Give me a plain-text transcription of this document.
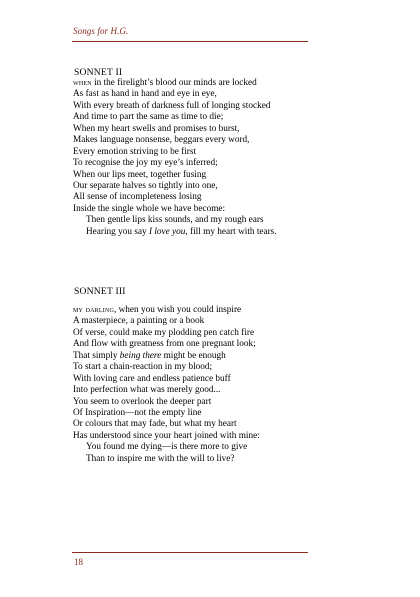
Songs for H.G.
SONNET II
when in the firelight’s blood our minds are locked
As fast as hand in hand and eye in eye,
With every breath of darkness full of longing stocked
And time to part the same as time to die;
When my heart swells and promises to burst,
Makes language nonsense, beggars every word,
Every emotion striving to be first
To recognise the joy my eye’s inferred;
When our lips meet, together fusing
Our separate halves so tightly into one,
All sense of incompleteness losing
Inside the single whole we have become:
Then gentle lips kiss sounds, and my rough ears
Hearing you say I love you, fill my heart with tears.
SONNET III
my darling, when you wish you could inspire
A masterpiece, a painting or a book
Of verse, could make my plodding pen catch fire
And flow with greatness from one pregnant look;
That simply being there might be enough
To start a chain-reaction in my blood;
With loving care and endless patience buff
Into perfection what was merely good...
You seem to overlook the deeper part
Of Inspiration—not the empty line
Or colours that may fade, but what my heart
Has understood since your heart joined with mine:
You found me dying—is there more to give
Than to inspire me with the will to live?
18
